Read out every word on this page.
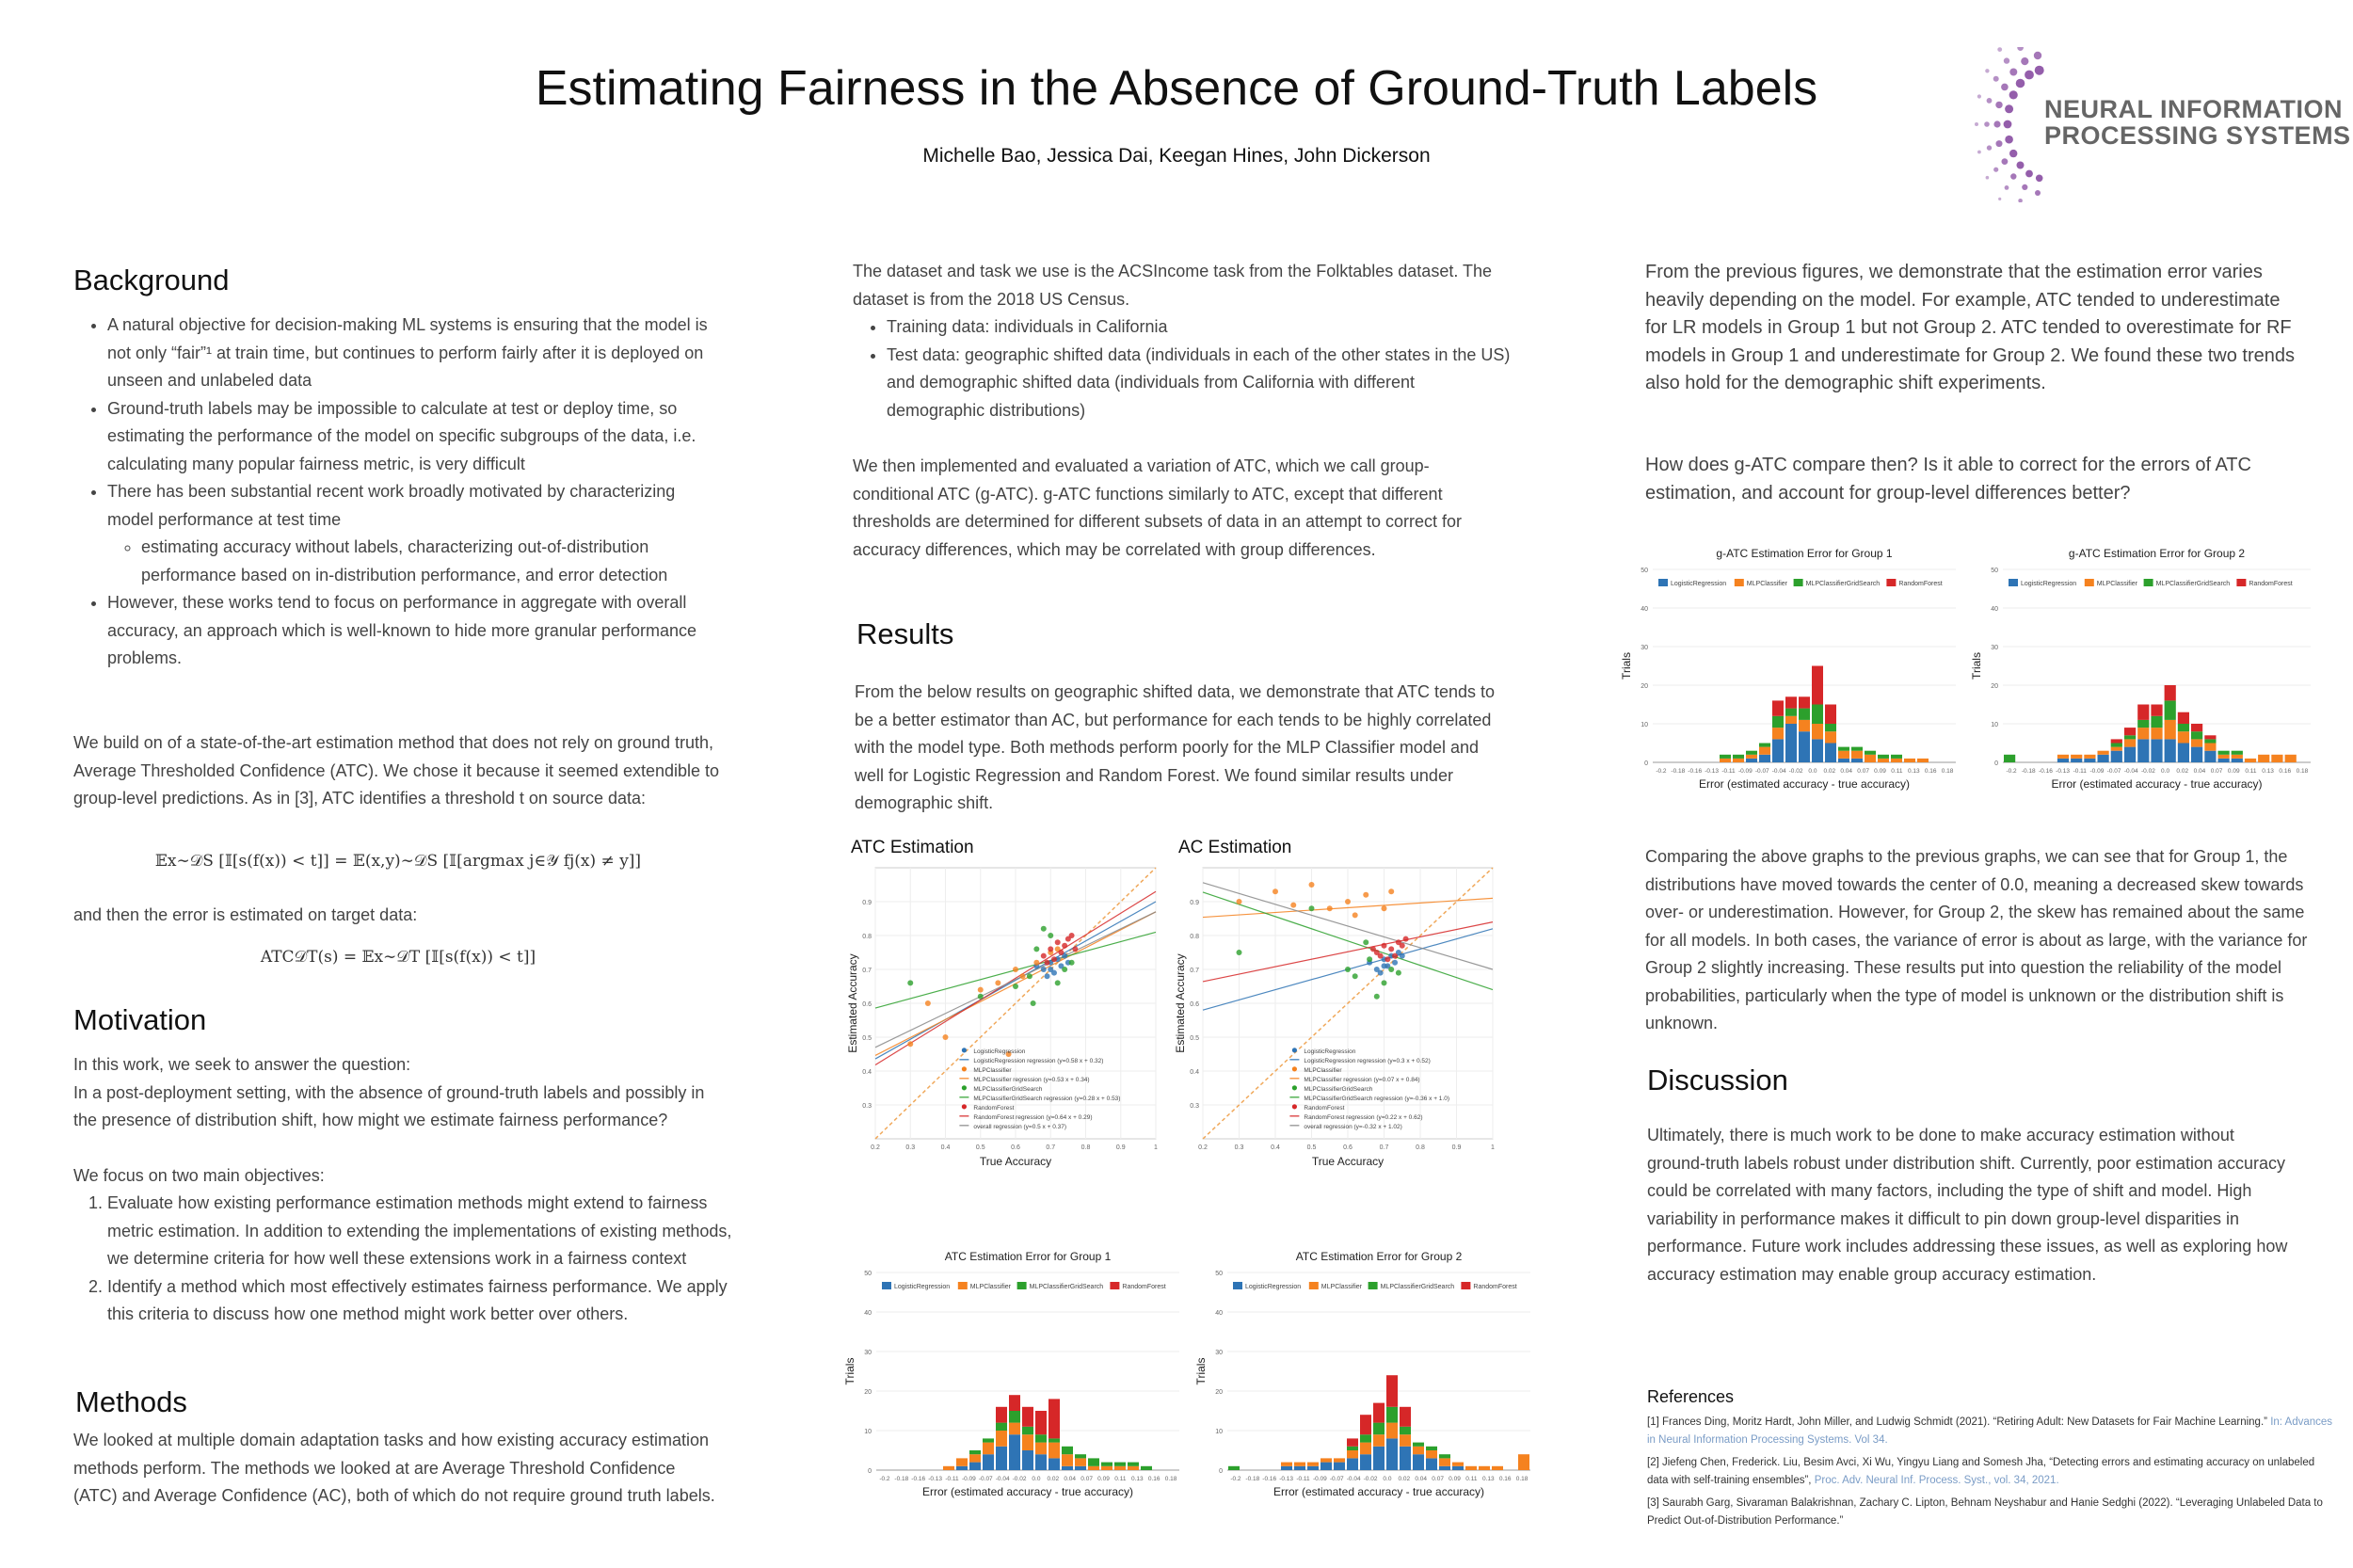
Estimating Fairness in the Absence of Ground-Truth Labels
Michelle Bao, Jessica Dai, Keegan Hines, John Dickerson
NEURAL INFORMATION
PROCESSING SYSTEMS
Background
• A natural objective for decision-making ML systems is ensuring that the model is not only “fair”¹ at train time, but continues to perform fairly after it is deployed on unseen and unlabeled data
• Ground-truth labels may be impossible to calculate at test or deploy time, so estimating the performance of the model on specific subgroups of the data, i.e. calculating many popular fairness metric, is very difficult
• There has been substantial recent work broadly motivated by characterizing model performance at test time
◦ estimating accuracy without labels, characterizing out-of-distribution performance based on in-distribution performance, and error detection
• However, these works tend to focus on performance in aggregate with overall accuracy, an approach which is well-known to hide more granular performance problems.
We build on of a state-of-the-art estimation method that does not rely on ground truth, Average Thresholded Confidence (ATC). We chose it because it seemed extendible to group-level predictions. As in [3], ATC identifies a threshold t on source data:
𝔼x∼𝒟S [𝕀[s(f(x)) < t]] = 𝔼(x,y)∼𝒟S [𝕀[argmax j∈𝒴 fj(x) ≠ y]]
and then the error is estimated on target data:
ATC𝒟T(s) = 𝔼x∼𝒟T [𝕀[s(f(x)) < t]]
Motivation

In this work, we seek to answer the question:

In a post-deployment setting, with the absence of ground-truth labels and possibly in the presence of distribution shift, how might we estimate fairness performance?

We focus on two main objectives:

1. Evaluate how existing performance estimation methods might extend to fairness metric estimation. In addition to extending the implementations of existing methods, we determine criteria for how well these extensions work in a fairness context
2. Identify a method which most effectively estimates fairness performance. We apply this criteria to discuss how one method might work better over others.
Methods
We looked at multiple domain adaptation tasks and how existing accuracy estimation methods perform. The methods we looked at are Average Threshold Confidence (ATC) and Average Confidence (AC), both of which do not require ground truth labels.

The dataset and task we use is the ACSIncome task from the Folktables dataset. The dataset is from the 2018 US Census.

• Training data: individuals in California
• Test data: geographic shifted data (individuals in each of the other states in the US) and demographic shifted data (individuals from California with different demographic distributions)
We then implemented and evaluated a variation of ATC, which we call group-conditional ATC (g-ATC). g-ATC functions similarly to ATC, except that different thresholds are determined for different subsets of data in an attempt to correct for accuracy differences, which may be correlated with group differences.
Results
From the below results on geographic shifted data, we demonstrate that ATC tends to be a better estimator than AC, but performance for each tends to be highly correlated with the model type. Both methods perform poorly for the MLP Classifier model and well for Logistic Regression and Random Forest. We found similar results under demographic shift.
ATC Estimation
0.2	0.3	0.4	0.5	0.6	0.7	0.8	0.9	1
0.3
0.4
0.5
0.6
0.7
0.8
0.9
LogisticRegression
LogisticRegression regression (y=0.58 x + 0.32)
MLPClassifier
MLPClassifier regression (y=0.53 x + 0.34)
MLPClassifierGridSearch
MLPClassifierGridSearch regression (y=0.28 x + 0.53)
RandomForest
RandomForest regression (y=0.64 x + 0.29)
overall regression (y=0.5 x + 0.37)
True Accuracy
Estimated Accuracy
AC Estimation
0.2	0.3	0.4	0.5	0.6	0.7	0.8	0.9	1
0.3
0.4
0.5
0.6
0.7
0.8
0.9
LogisticRegression
LogisticRegression regression (y=0.3 x + 0.52)
MLPClassifier
MLPClassifier regression (y=0.07 x + 0.84)
MLPClassifierGridSearch
MLPClassifierGridSearch regression (y=-0.36 x + 1.0)
RandomForest
RandomForest regression (y=0.22 x + 0.62)
overall regression (y=-0.32 x + 1.02)
True Accuracy
Estimated Accuracy
ATC Estimation Error for Group 1
0
10
20
30
40
50
LogisticRegression	MLPClassifier	MLPClassifierGridSearch	RandomForest
-0.2 -0.18 -0.16 -0.13 -0.11 -0.09 -0.07 -0.04 -0.02 0.0 0.02 0.04 0.07 0.09 0.11 0.13 0.16 0.18
Error (estimated accuracy - true accuracy)
Trials
ATC Estimation Error for Group 2
0
10
20
30
40
50
LogisticRegression	MLPClassifier	MLPClassifierGridSearch	RandomForest
-0.2 -0.18 -0.16 -0.13 -0.11 -0.09 -0.07 -0.04 -0.02 0.0 0.02 0.04 0.07 0.09 0.11 0.13 0.16 0.18
Error (estimated accuracy - true accuracy)
Trials
g-ATC Estimation Error for Group 1
0
10
20
30
40
50
LogisticRegression	MLPClassifier	MLPClassifierGridSearch	RandomForest
-0.2 -0.18 -0.16 -0.13 -0.11 -0.09 -0.07 -0.04 -0.02 0.0 0.02 0.04 0.07 0.09 0.11 0.13 0.16 0.18
Error (estimated accuracy - true accuracy)
Trials
g-ATC Estimation Error for Group 2
0
10
20
30
40
50
LogisticRegression	MLPClassifier	MLPClassifierGridSearch	RandomForest
-0.2 -0.18 -0.16 -0.13 -0.11 -0.09 -0.07 -0.04 -0.02 0.0 0.02 0.04 0.07 0.09 0.11 0.13 0.16 0.18
Error (estimated accuracy - true accuracy)
Trials
From the previous figures, we demonstrate that the estimation error varies heavily depending on the model. For example, ATC tended to underestimate for LR models in Group 1 but not Group 2. ATC tended to overestimate for RF models in Group 1 and underestimate for Group 2. We found these two trends also hold for the demographic shift experiments.
How does g-ATC compare then? Is it able to correct for the errors of ATC estimation, and account for group-level differences better?
Comparing the above graphs to the previous graphs, we can see that for Group 1, the distributions have moved towards the center of 0.0, meaning a decreased skew towards over- or underestimation. However, for Group 2, the skew has remained about the same for all models. In both cases, the variance of error is about as large, with the variance for Group 2 slightly increasing. These results put into question the reliability of the model probabilities, particularly when the type of model is unknown or the distribution shift is unknown.
Discussion
Ultimately, there is much work to be done to make accuracy estimation without ground-truth labels robust under distribution shift. Currently, poor estimation accuracy could be correlated with many factors, including the type of shift and model. High variability in performance makes it difficult to pin down group-level disparities in performance. Future work includes addressing these issues, as well as exploring how accuracy estimation may enable group accuracy estimation.
References
[1] Frances Ding, Moritz Hardt, John Miller, and Ludwig Schmidt (2021). “Retiring Adult: New Datasets for Fair Machine Learning.” In: Advances in Neural Information Processing Systems. Vol 34.
[2] Jiefeng Chen, Frederick. Liu, Besim Avci, Xi Wu, Yingyu Liang and Somesh Jha, “Detecting errors and estimating accuracy on unlabeled data with self-training ensembles”, Proc. Adv. Neural Inf. Process. Syst., vol. 34, 2021.
[3] Saurabh Garg, Sivaraman Balakrishnan, Zachary C. Lipton, Behnam Neyshabur and Hanie Sedghi (2022). “Leveraging Unlabeled Data to Predict Out-of-Distribution Performance.”
